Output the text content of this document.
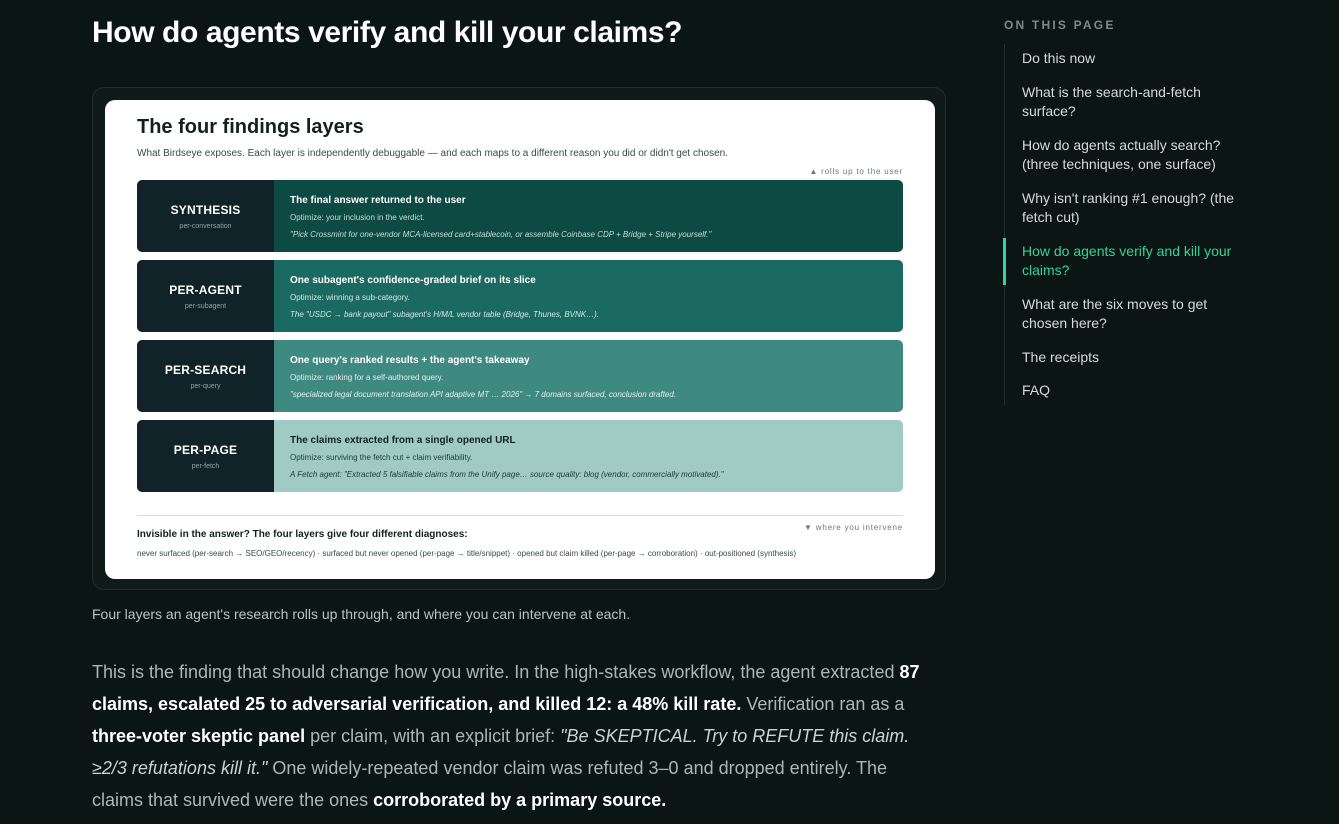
How do agents verify and kill your claims?
The four findings layers
What Birdseye exposes. Each layer is independently debuggable — and each maps to a different reason you did or didn't get chosen.
▲ rolls up to the user
SYNTHESIS
per-conversation
The final answer returned to the user
Optimize: your inclusion in the verdict.
"Pick Crossmint for one-vendor MCA-licensed card+stablecoin, or assemble Coinbase CDP + Bridge + Stripe yourself."
PER-AGENT
per-subagent
One subagent's confidence-graded brief on its slice
Optimize: winning a sub-category.
The "USDC → bank payout" subagent's H/M/L vendor table (Bridge, Thunes, BVNK…).
PER-SEARCH
per-query
One query's ranked results + the agent's takeaway
Optimize: ranking for a self-authored query.
"specialized legal document translation API adaptive MT … 2026" → 7 domains surfaced, conclusion drafted.
PER-PAGE
per-fetch
The claims extracted from a single opened URL
Optimize: surviving the fetch cut + claim verifiability.
A Fetch agent: "Extracted 5 falsifiable claims from the Unify page… source quality: blog (vendor, commercially motivated)."
▼ where you intervene
Invisible in the answer? The four layers give four different diagnoses:
never surfaced (per-search → SEO/GEO/recency) · surfaced but never opened (per-page → title/snippet) · opened but claim killed (per-page → corroboration) · out-positioned (synthesis)
Four layers an agent's research rolls up through, and where you can intervene at each.

This is the finding that should change how you write. In the high-stakes workflow, the agent extracted 87 claims, escalated 25 to adversarial verification, and killed 12: a 48% kill rate. Verification ran as a three-voter skeptic panel per claim, with an explicit brief: "Be SKEPTICAL. Try to REFUTE this claim. ≥2/3 refutations kill it." One widely-repeated vendor claim was refuted 3–0 and dropped entirely. The claims that survived were the ones corroborated by a primary source.

ON THIS PAGE
Do this now
What is the search-and-fetch surface?
How do agents actually search? (three techniques, one surface)
Why isn't ranking #1 enough? (the fetch cut)
How do agents verify and kill your claims?
What are the six moves to get chosen here?
The receipts
FAQ
